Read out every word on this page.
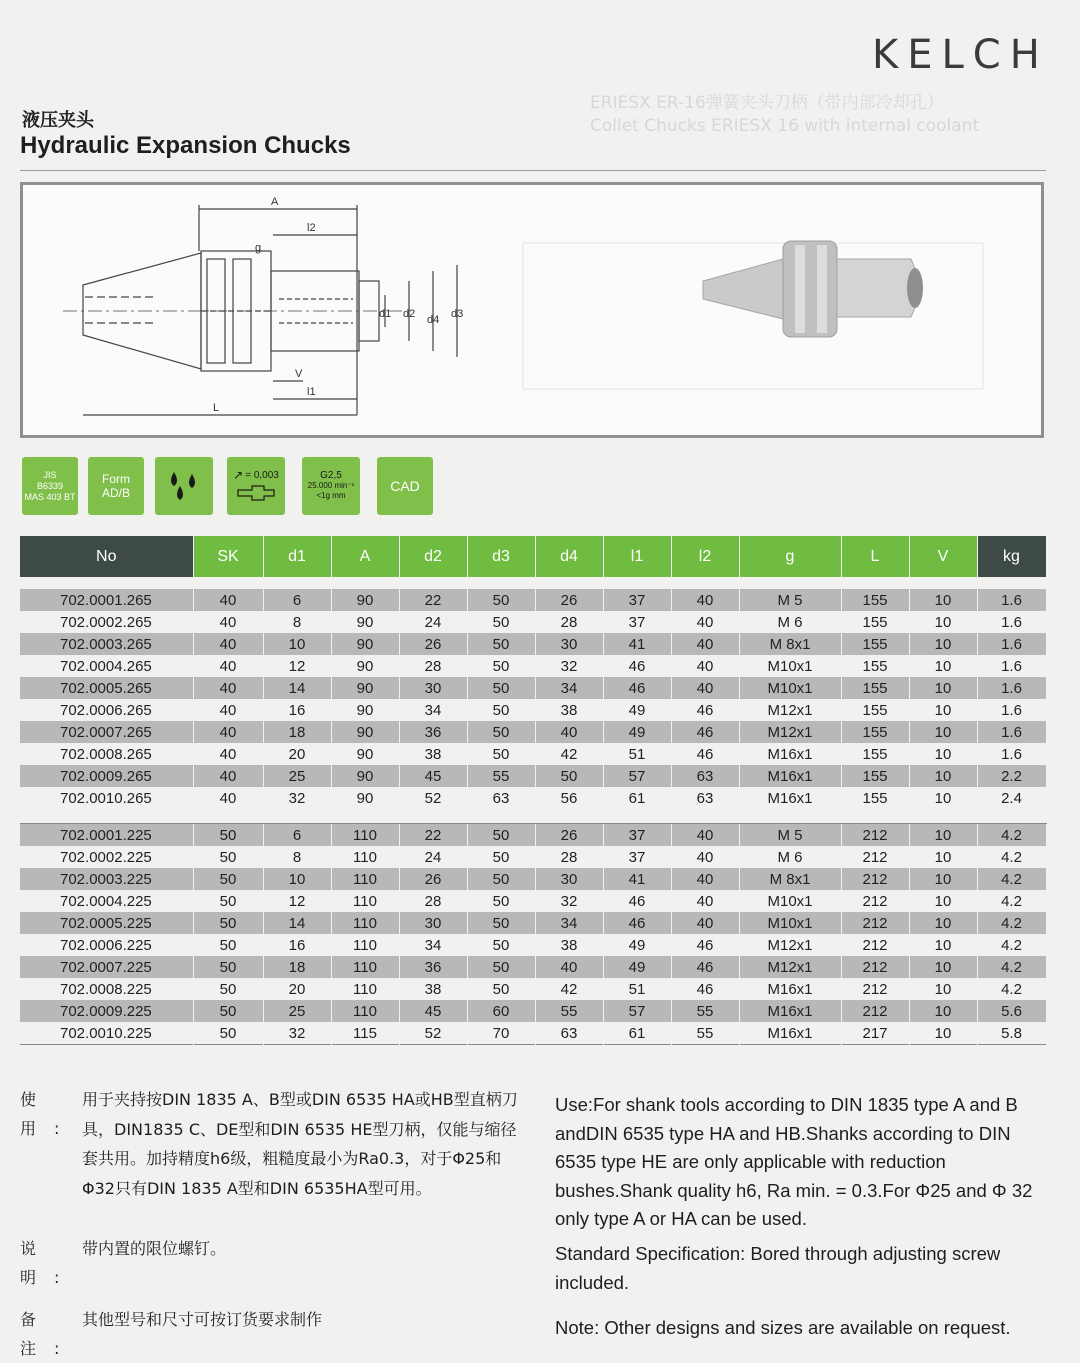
ERIESX ER-16弹簧夹头刀柄（带内部冷却孔）
Collet Chucks ERIESX 16 with internal coolant
KELCH
液压夹头
Hydraulic Expansion Chucks
A
l2
g
d1 d2 d4 d3
V
l1
L
JIS
B6339
MAS 403 BT
Form
AD/B
↗ = 0,003	G2,5
25.000 min⁻¹
<1g mm
CAD
No	SK	d1	A	d2	d3	d4	l1	l2	g	L	V	kg

702.0001.265	40	6	90	22	50	26	37	40	M 5	155	10	1.6
702.0002.265	40	8	90	24	50	28	37	40	M 6	155	10	1.6
702.0003.265	40	10	90	26	50	30	41	40	M 8x1	155	10	1.6
702.0004.265	40	12	90	28	50	32	46	40	M10x1	155	10	1.6
702.0005.265	40	14	90	30	50	34	46	40	M10x1	155	10	1.6
702.0006.265	40	16	90	34	50	38	49	46	M12x1	155	10	1.6
702.0007.265	40	18	90	36	50	40	49	46	M12x1	155	10	1.6
702.0008.265	40	20	90	38	50	42	51	46	M16x1	155	10	1.6
702.0009.265	40	25	90	45	55	50	57	63	M16x1	155	10	2.2
702.0010.265	40	32	90	52	63	56	61	63	M16x1	155	10	2.4

702.0001.225	50	6	110	22	50	26	37	40	M 5	212	10	4.2
702.0002.225	50	8	110	24	50	28	37	40	M 6	212	10	4.2
702.0003.225	50	10	110	26	50	30	41	40	M 8x1	212	10	4.2
702.0004.225	50	12	110	28	50	32	46	40	M10x1	212	10	4.2
702.0005.225	50	14	110	30	50	34	46	40	M10x1	212	10	4.2
702.0006.225	50	16	110	34	50	38	49	46	M12x1	212	10	4.2
702.0007.225	50	18	110	36	50	40	49	46	M12x1	212	10	4.2
702.0008.225	50	20	110	38	50	42	51	46	M16x1	212	10	4.2
702.0009.225	50	25	110	45	60	55	57	55	M16x1	212	10	5.6
702.0010.225	50	32	115	52	70	63	61	55	M16x1	217	10	5.8

使　用:
用于夹持按DIN 1835 A、B型或DIN 6535 HA或HB型直柄刀具，DIN1835 C、DE型和DIN 6535 HE型刀柄，仅能与缩径套共用。加持精度h6级，粗糙度最小为Ra0.3，对于Φ25和Φ32只有DIN 1835 A型和DIN 6535HA型可用。
说　明:
带内置的限位螺钉。
备　注:
其他型号和尺寸可按订货要求制作
Use:For shank tools according to DIN 1835 type A and B andDIN 6535 type HA and HB.Shanks according to DIN 6535 type HE are only applicable with reduction bushes.Shank quality h6, Ra min. = 0.3.For Φ25 and Φ 32 only type A or HA can be used.
Standard Specification: Bored through adjusting screw included.
Note: Other designs and sizes are available on request.
